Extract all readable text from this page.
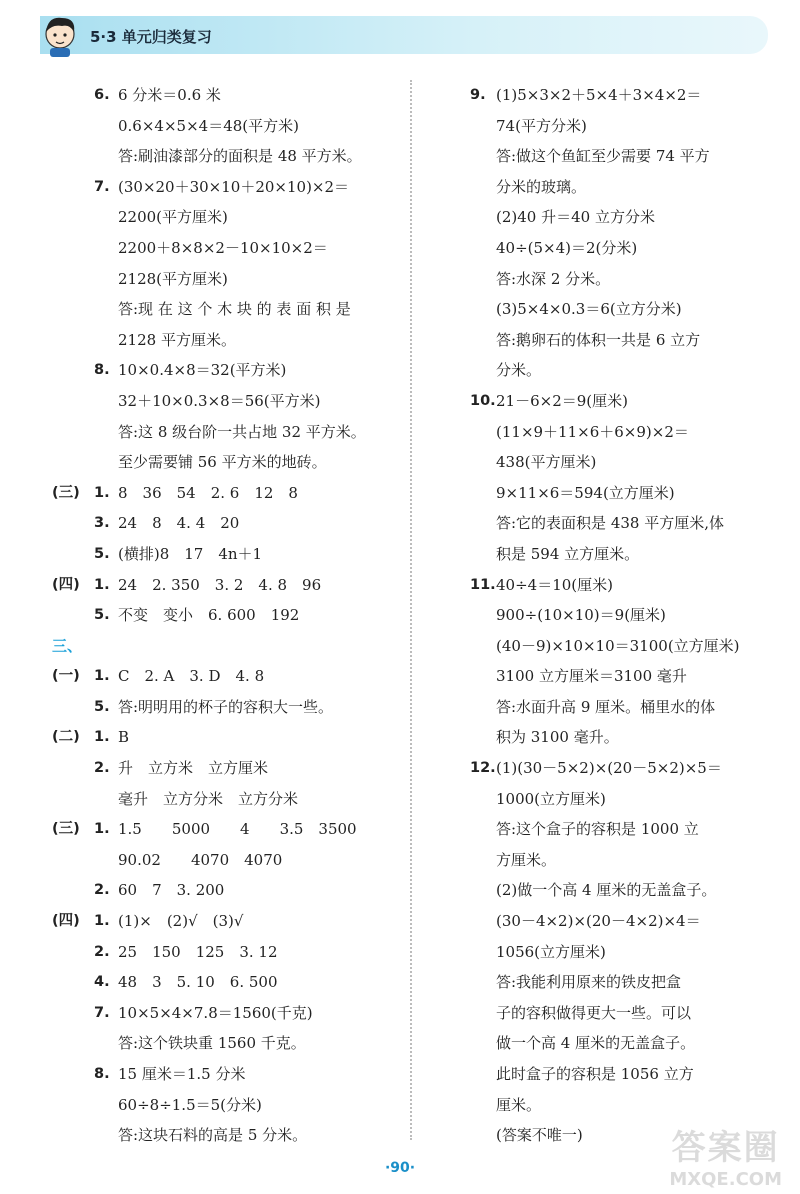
5·3 单元归类复习
6. 6 分米＝0.6 米
0.6×4×5×4＝48(平方米)
答:刷油漆部分的面积是 48 平方米。
7. (30×20＋30×10＋20×10)×2＝
2200(平方厘米)
2200＋8×8×2－10×10×2＝
2128(平方厘米)
答:现 在 这 个 木 块 的 表 面 积 是
2128 平方厘米。
8. 10×0.4×8＝32(平方米)
32＋10×0.3×8＝56(平方米)
答:这 8 级台阶一共占地 32 平方米。
至少需要铺 56 平方米的地砖。
(三) 1. 8　36　54　2. 6　12　8
3. 24　8　4. 4　20
5. (横排)8　17　4n＋1
(四) 1. 24　2. 350　3. 2　4. 8　96
5. 不变　变小　6. 600　192
三、
(一) 1. C　2. A　3. D　4. 8
5. 答:明明用的杯子的容积大一些。
(二) 1. B
2. 升　立方米　立方厘米
毫升　立方分米　立方分米
(三) 1. 1.5　　5000　　4　　3.5　3500
90.02　　4070　4070
2. 60　7　3. 200
(四) 1. (1)×　(2)√　(3)√
2. 25　150　125　3. 12
4. 48　3　5. 10　6. 500
7. 10×5×4×7.8＝1560(千克)
答:这个铁块重 1560 千克。
8. 15 厘米＝1.5 分米
60÷8÷1.5＝5(分米)
答:这块石料的高是 5 分米。
9. (1)5×3×2＋5×4＋3×4×2＝
74(平方分米)
答:做这个鱼缸至少需要 74 平方
分米的玻璃。
(2)40 升＝40 立方分米
40÷(5×4)＝2(分米)
答:水深 2 分米。
(3)5×4×0.3＝6(立方分米)
答:鹅卵石的体积一共是 6 立方
分米。
10. 21－6×2＝9(厘米)
(11×9＋11×6＋6×9)×2＝
438(平方厘米)
9×11×6＝594(立方厘米)
答:它的表面积是 438 平方厘米,体
积是 594 立方厘米。
11. 40÷4＝10(厘米)
900÷(10×10)＝9(厘米)
(40－9)×10×10＝3100(立方厘米)
3100 立方厘米＝3100 毫升
答:水面升高 9 厘米。桶里水的体
积为 3100 毫升。
12. (1)(30－5×2)×(20－5×2)×5＝
1000(立方厘米)
答:这个盒子的容积是 1000 立
方厘米。
(2)做一个高 4 厘米的无盖盒子。
(30－4×2)×(20－4×2)×4＝
1056(立方厘米)
答:我能利用原来的铁皮把盒
子的容积做得更大一些。可以
做一个高 4 厘米的无盖盒子。
此时盒子的容积是 1056 立方
厘米。
(答案不唯一)
·90·	答案圈
MXQE.COM
